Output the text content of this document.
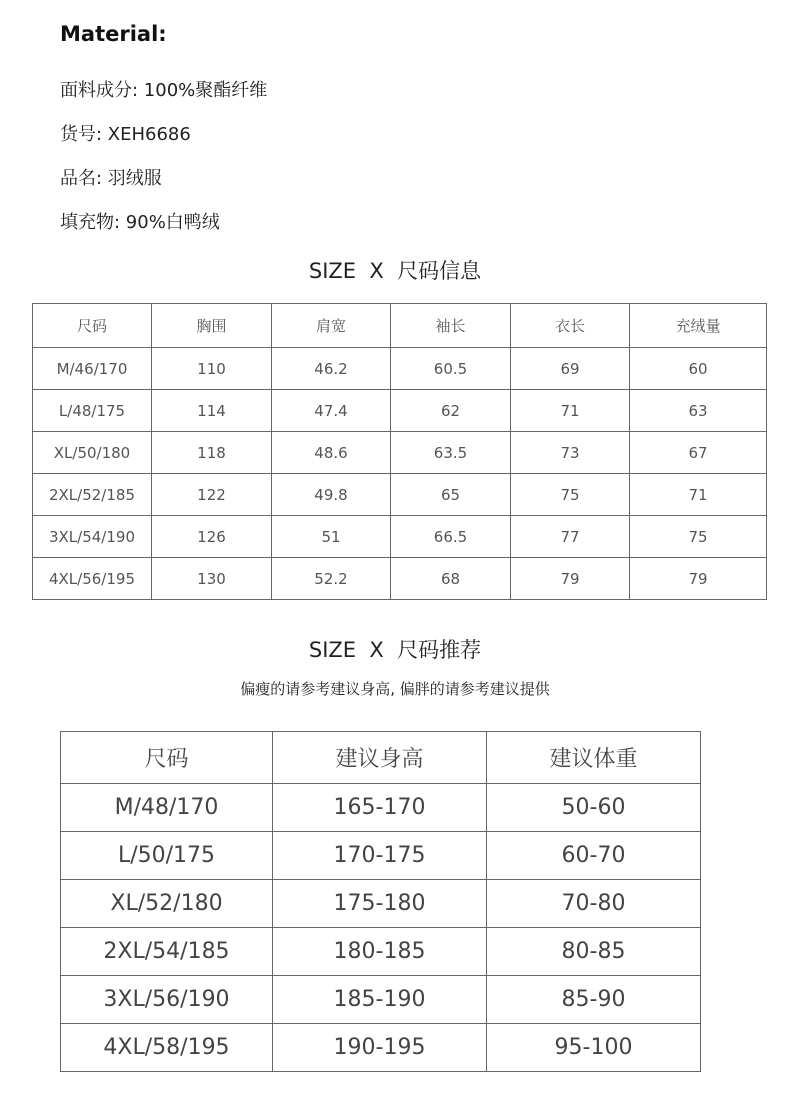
Material:
面料成分: 100%聚酯纤维
货号: XEH6686
品名: 羽绒服
填充物: 90%白鸭绒
SIZE  X  尺码信息
尺码	胸围	肩宽	袖长	衣长	充绒量
M/46/170	110	46.2	60.5	69	60
L/48/175	114	47.4	62	71	63
XL/50/180	118	48.6	63.5	73	67
2XL/52/185	122	49.8	65	75	71
3XL/54/190	126	51	66.5	77	75
4XL/56/195	130	52.2	68	79	79
SIZE  X  尺码推荐
偏瘦的请参考建议身高, 偏胖的请参考建议提供
尺码	建议身高	建议体重
M/48/170	165-170	50-60
L/50/175	170-175	60-70
XL/52/180	175-180	70-80
2XL/54/185	180-185	80-85
3XL/56/190	185-190	85-90
4XL/58/195	190-195	95-100
